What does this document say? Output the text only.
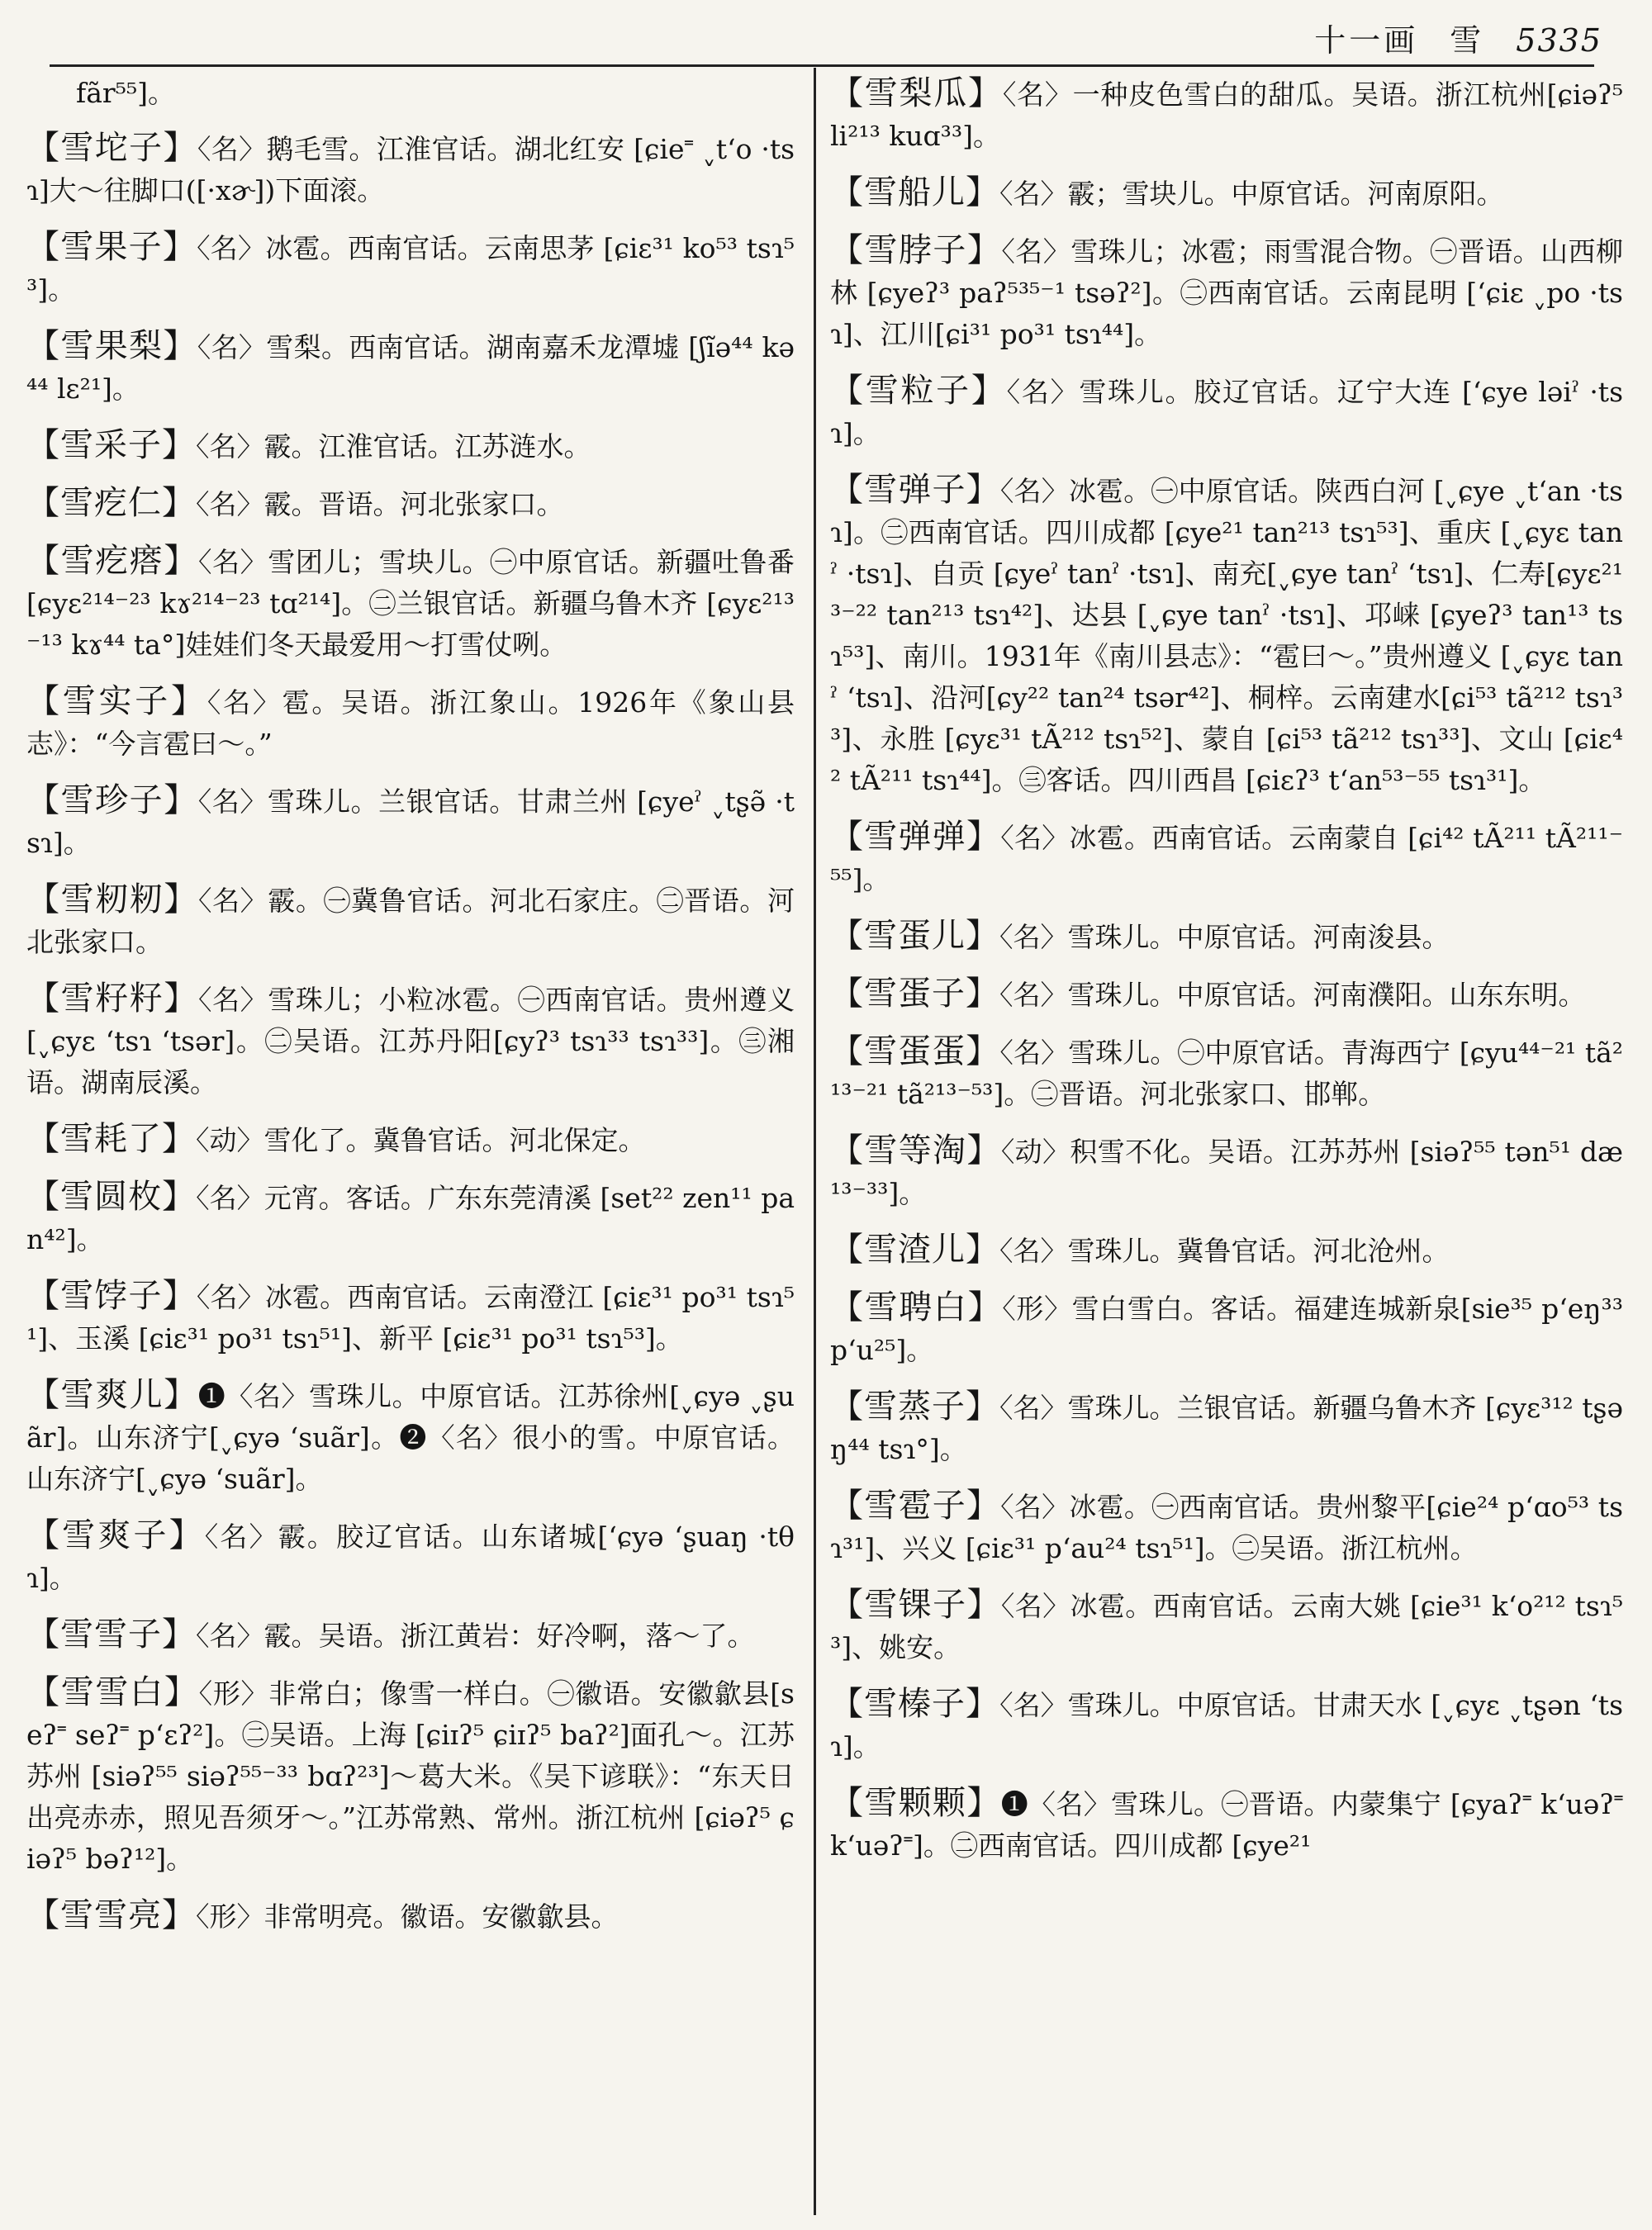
十一画 雪 5335
fãr⁵⁵]。
【雪坨子】〈名〉鹅毛雪。江淮官话。湖北红安 [ɕie˭ ˬt‘o ·tsɿ]大～往脚口([·xɚ])下面滚。
【雪果子】〈名〉冰雹。西南官话。云南思茅 [ɕiɛ³¹ ko⁵³ tsɿ⁵³]。
【雪果梨】〈名〉雪梨。西南官话。湖南嘉禾龙潭墟 [ʃĩə⁴⁴ kə⁴⁴ lɛ²¹]。
【雪采子】〈名〉霰。江淮官话。江苏涟水。
【雪疙仁】〈名〉霰。晋语。河北张家口。
【雪疙瘩】〈名〉雪团儿；雪块儿。㊀中原官话。新疆吐鲁番[ɕyɛ²¹⁴⁻²³ kɤ²¹⁴⁻²³ tɑ²¹⁴]。㊁兰银官话。新疆乌鲁木齐 [ɕyɛ²¹³⁻¹³ kɤ⁴⁴ ta°]娃娃们冬天最爱用～打雪仗咧。
【雪实子】〈名〉雹。吴语。浙江象山。1926年《象山县志》：“今言雹曰～。”
【雪珍子】〈名〉雪珠儿。兰银官话。甘肃兰州 [ɕyeˀ ˬtʂə̃ ·tsɿ]。
【雪籾籾】〈名〉霰。㊀冀鲁官话。河北石家庄。㊁晋语。河北张家口。
【雪籽籽】〈名〉雪珠儿；小粒冰雹。㊀西南官话。贵州遵义 [ˬɕyɛ ‘tsɿ ‘tsər]。㊁吴语。江苏丹阳[ɕyʔ³ tsɿ³³ tsɿ³³]。㊂湘语。湖南辰溪。
【雪耗了】〈动〉雪化了。冀鲁官话。河北保定。
【雪圆枚】〈名〉元宵。客话。广东东莞清溪 [set²² zen¹¹ pan⁴²]。
【雪饽子】〈名〉冰雹。西南官话。云南澄江 [ɕiɛ³¹ po³¹ tsɿ⁵¹]、玉溪 [ɕiɛ³¹ po³¹ tsɿ⁵¹]、新平 [ɕiɛ³¹ po³¹ tsɿ⁵³]。
【雪爽儿】❶〈名〉雪珠儿。中原官话。江苏徐州[ˬɕyə ˬʂuãr]。山东济宁[ˬɕyə ‘suãr]。❷〈名〉很小的雪。中原官话。山东济宁[ˬɕyə ‘suãr]。
【雪爽子】〈名〉霰。胶辽官话。山东诸城[‘ɕyə ‘ʂuaŋ ·tθɿ]。
【雪雪子】〈名〉霰。吴语。浙江黄岩：好冷啊，落～了。
【雪雪白】〈形〉非常白；像雪一样白。㊀徽语。安徽歙县[seʔ˭ seʔ˭ p‘ɛʔ²]。㊁吴语。上海 [ɕiɪʔ⁵ ɕiɪʔ⁵ baʔ²]面孔～。江苏苏州 [siəʔ⁵⁵ siəʔ⁵⁵⁻³³ bɑʔ²³]～葛大米。《吴下谚联》：“东天日出亮赤赤，照见吾须牙～。”江苏常熟、常州。浙江杭州 [ɕiəʔ⁵ ɕiəʔ⁵ bəʔ¹²]。
【雪雪亮】〈形〉非常明亮。徽语。安徽歙县。
【雪梨瓜】〈名〉一种皮色雪白的甜瓜。吴语。浙江杭州[ɕiəʔ⁵ li²¹³ kuɑ³³]。
【雪船儿】〈名〉霰；雪块儿。中原官话。河南原阳。
【雪脖子】〈名〉雪珠儿；冰雹；雨雪混合物。㊀晋语。山西柳林 [ɕyeʔ³ paʔ⁵³⁵⁻¹ tsəʔ²]。㊁西南官话。云南昆明 [‘ɕiɛ ˬpo ·tsɿ]、江川[ɕi³¹ po³¹ tsɿ⁴⁴]。
【雪粒子】〈名〉雪珠儿。胶辽官话。辽宁大连 [‘ɕye ləiˀ ·tsɿ]。
【雪弹子】〈名〉冰雹。㊀中原官话。陕西白河 [ˬɕye ˬt‘an ·tsɿ]。㊁西南官话。四川成都 [ɕye²¹ tan²¹³ tsɿ⁵³]、重庆 [ˬɕyɛ tanˀ ·tsɿ]、自贡 [ɕyeˀ tanˀ ·tsɿ]、南充[ˬɕye tanˀ ‘tsɿ]、仁寿[ɕyɛ²¹³⁻²² tan²¹³ tsɿ⁴²]、达县 [ˬɕye tanˀ ·tsɿ]、邛崃 [ɕyeʔ³ tan¹³ tsɿ⁵³]、南川。1931年《南川县志》：“雹曰～。”贵州遵义 [ˬɕyɛ tanˀ ‘tsɿ]、沿河[ɕy²² tan²⁴ tsər⁴²]、桐梓。云南建水[ɕi⁵³ tã²¹² tsɿ³³]、永胜 [ɕyɛ³¹ tÃ²¹² tsɿ⁵²]、蒙自 [ɕi⁵³ tã²¹² tsɿ³³]、文山 [ɕiɛ⁴² tÃ²¹¹ tsɿ⁴⁴]。㊂客话。四川西昌 [ɕiɛʔ³ t‘an⁵³⁻⁵⁵ tsɿ³¹]。
【雪弹弹】〈名〉冰雹。西南官话。云南蒙自 [ɕi⁴² tÃ²¹¹ tÃ²¹¹⁻⁵⁵]。
【雪蛋儿】〈名〉雪珠儿。中原官话。河南浚县。
【雪蛋子】〈名〉雪珠儿。中原官话。河南濮阳。山东东明。
【雪蛋蛋】〈名〉雪珠儿。㊀中原官话。青海西宁 [ɕyu⁴⁴⁻²¹ tã²¹³⁻²¹ tã²¹³⁻⁵³]。㊁晋语。河北张家口、邯郸。
【雪等淘】〈动〉积雪不化。吴语。江苏苏州 [siəʔ⁵⁵ tən⁵¹ dæ¹³⁻³³]。
【雪渣儿】〈名〉雪珠儿。冀鲁官话。河北沧州。
【雪聘白】〈形〉雪白雪白。客话。福建连城新泉[sie³⁵ p‘eŋ³³ p‘u²⁵]。
【雪蒸子】〈名〉雪珠儿。兰银官话。新疆乌鲁木齐 [ɕyɛ³¹² tʂəŋ⁴⁴ tsɿ°]。
【雪雹子】〈名〉冰雹。㊀西南官话。贵州黎平[ɕie²⁴ p‘ɑo⁵³ tsɿ³¹]、兴义 [ɕiɛ³¹ p‘au²⁴ tsɿ⁵¹]。㊁吴语。浙江杭州。
【雪锞子】〈名〉冰雹。西南官话。云南大姚 [ɕie³¹ k‘o²¹² tsɿ⁵³]、姚安。
【雪榛子】〈名〉雪珠儿。中原官话。甘肃天水 [ˬɕyɛ ˬtʂən ‘tsɿ]。
【雪颗颗】❶〈名〉雪珠儿。㊀晋语。内蒙集宁 [ɕyaʔ˭ k‘uəʔ˭ k‘uəʔ˭]。㊁西南官话。四川成都 [ɕye²¹
